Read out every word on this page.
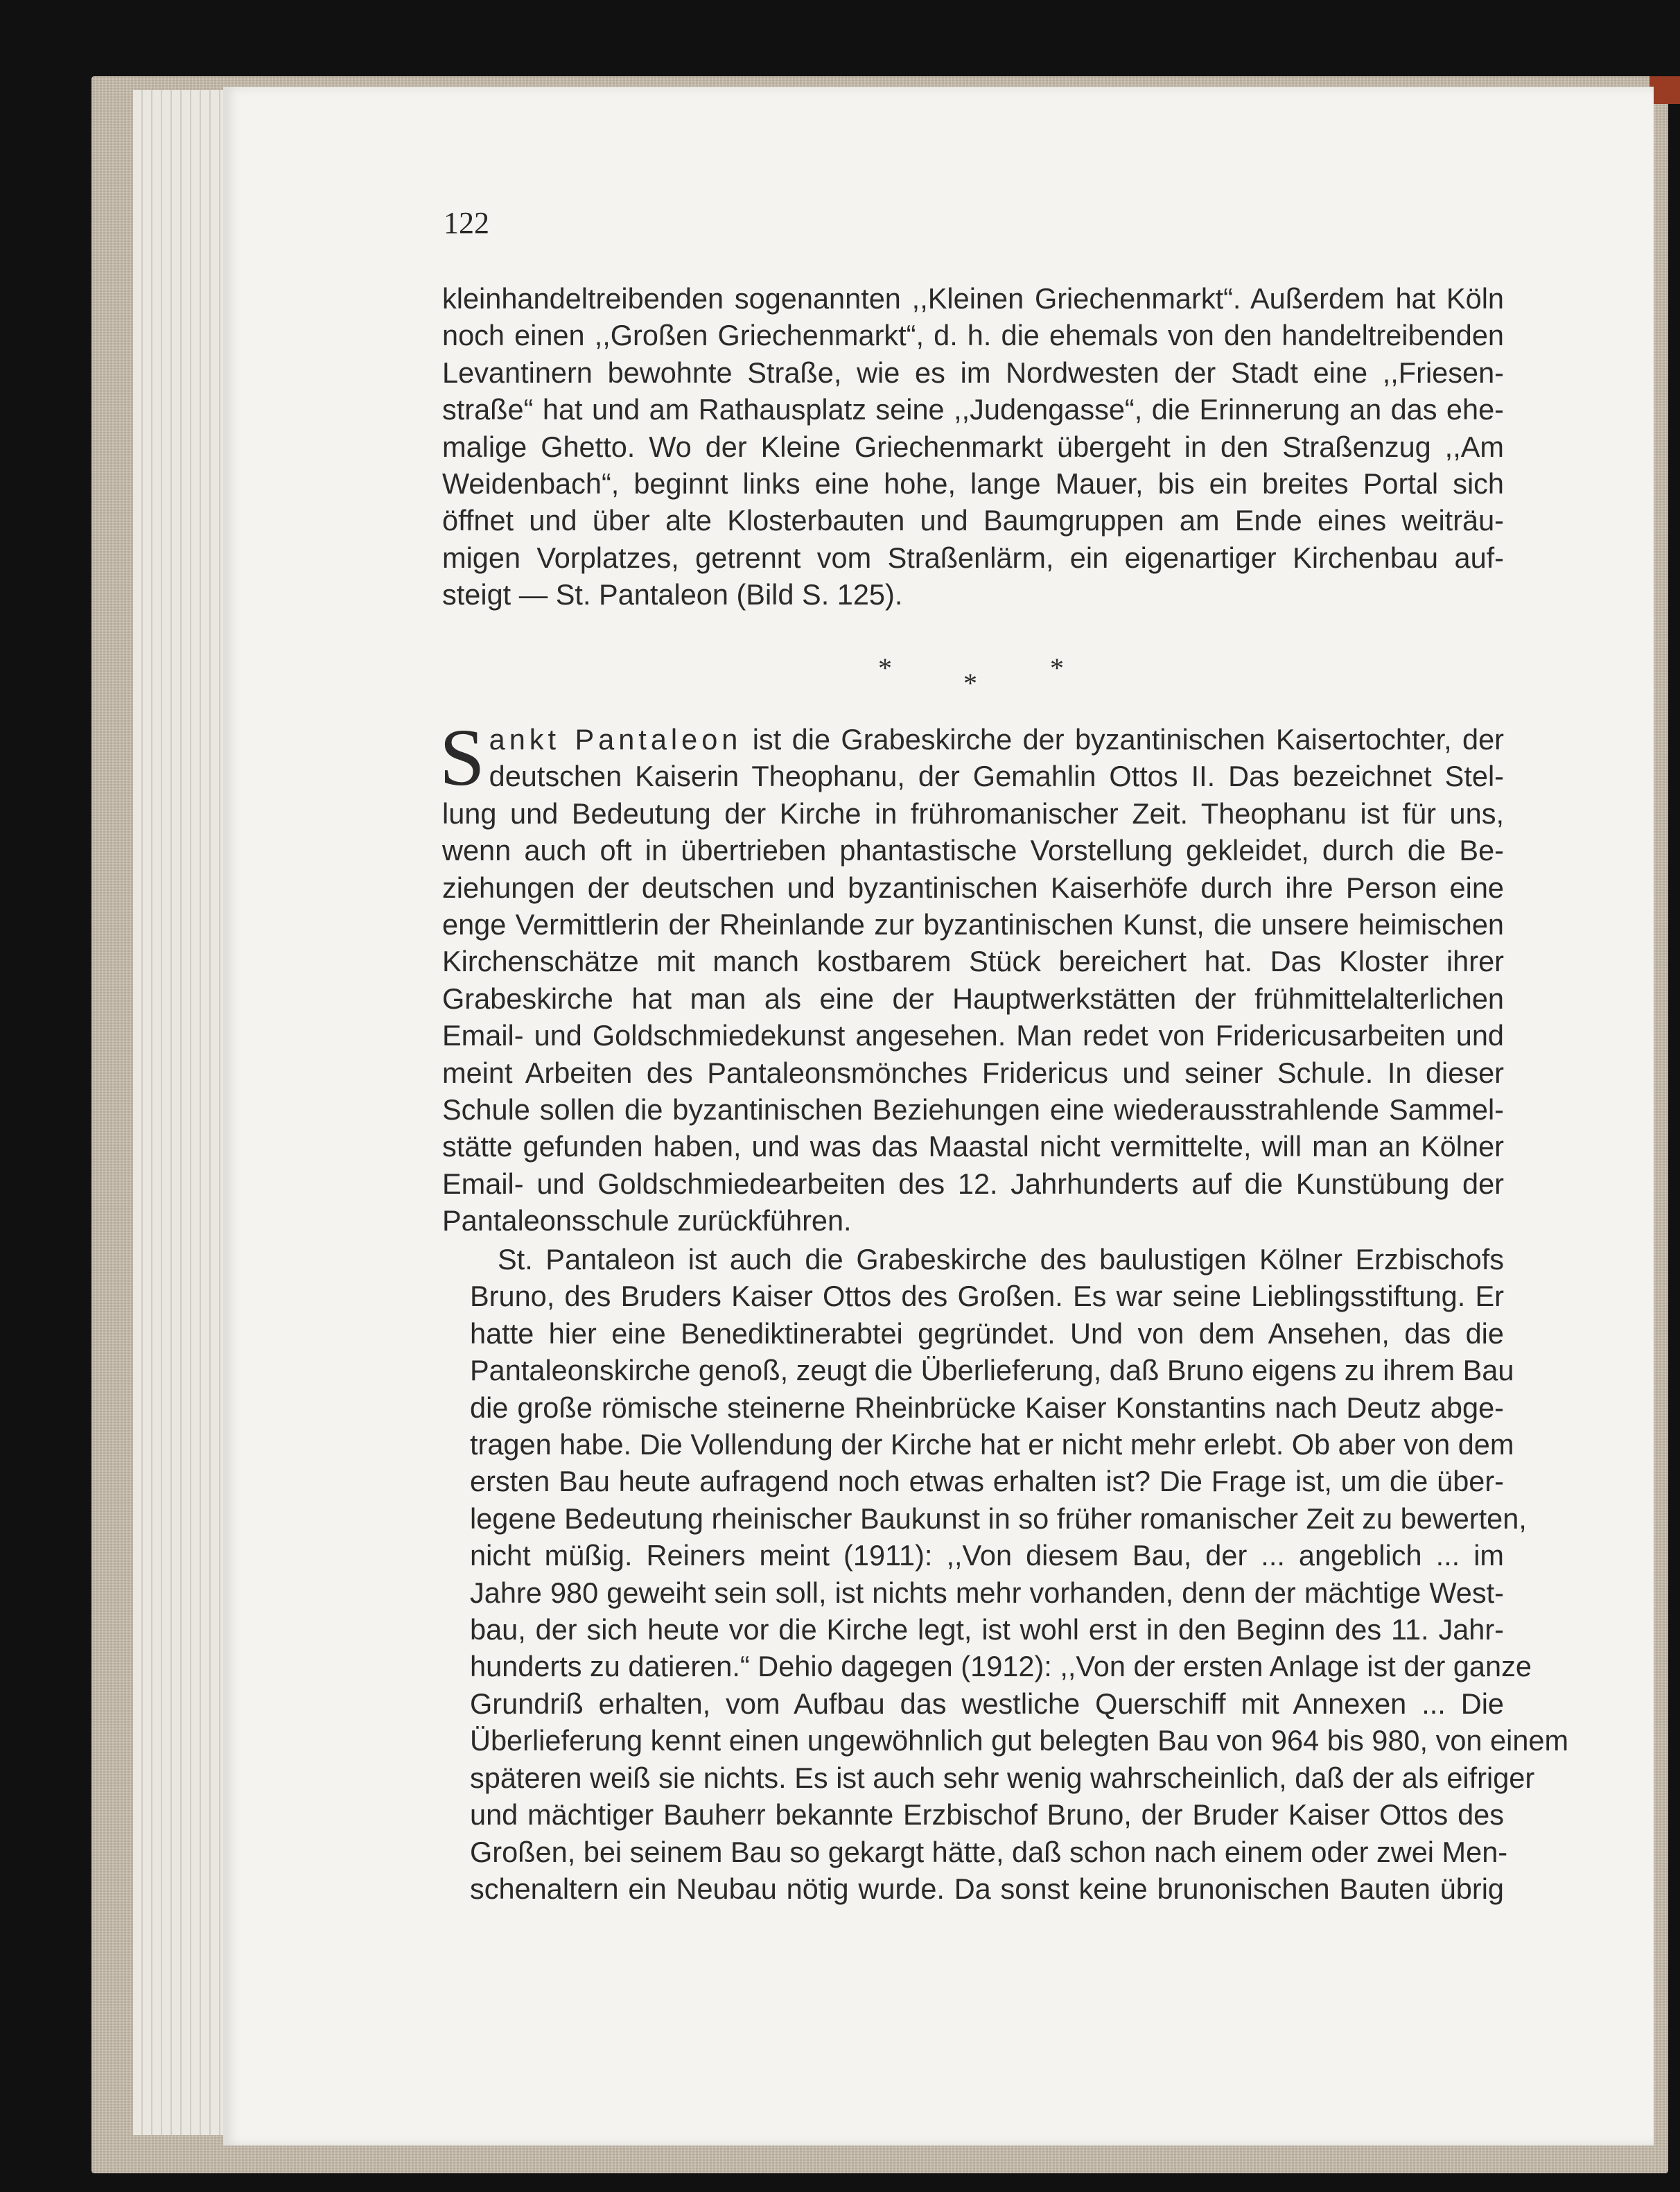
122
kleinhandeltreibenden sogenannten ,,Kleinen Griechenmarkt“. Außerdem hat Köln
noch einen ,,Großen Griechenmarkt“, d. h. die ehemals von den handeltreibenden
Levantinern bewohnte Straße, wie es im Nordwesten der Stadt eine ,,Friesen-
straße“ hat und am Rathausplatz seine ,,Judengasse“, die Erinnerung an das ehe-
malige Ghetto. Wo der Kleine Griechenmarkt übergeht in den Straßenzug ,,Am
Weidenbach“, beginnt links eine hohe, lange Mauer, bis ein breites Portal sich
öffnet und über alte Klosterbauten und Baumgruppen am Ende eines weiträu-
migen Vorplatzes, getrennt vom Straßenlärm, ein eigenartiger Kirchenbau auf-
steigt — St. Pantaleon (Bild S. 125).
*	*	*
S ankt Pantaleon ist die Grabeskirche der byzantinischen Kaisertochter, der
deutschen Kaiserin Theophanu, der Gemahlin Ottos II. Das bezeichnet Stel-
lung und Bedeutung der Kirche in frühromanischer Zeit. Theophanu ist für uns,
wenn auch oft in übertrieben phantastische Vorstellung gekleidet, durch die Be-
ziehungen der deutschen und byzantinischen Kaiserhöfe durch ihre Person eine
enge Vermittlerin der Rheinlande zur byzantinischen Kunst, die unsere heimischen
Kirchenschätze mit manch kostbarem Stück bereichert hat. Das Kloster ihrer
Grabeskirche hat man als eine der Hauptwerkstätten der frühmittelalterlichen
Email- und Goldschmiedekunst angesehen. Man redet von Fridericusarbeiten und
meint Arbeiten des Pantaleonsmönches Fridericus und seiner Schule. In dieser
Schule sollen die byzantinischen Beziehungen eine wiederausstrahlende Sammel-
stätte gefunden haben, und was das Maastal nicht vermittelte, will man an Kölner
Email- und Goldschmiedearbeiten des 12. Jahrhunderts auf die Kunstübung der
Pantaleonsschule zurückführen.
St. Pantaleon ist auch die Grabeskirche des baulustigen Kölner Erzbischofs
Bruno, des Bruders Kaiser Ottos des Großen. Es war seine Lieblingsstiftung. Er
hatte hier eine Benediktinerabtei gegründet. Und von dem Ansehen, das die
Pantaleonskirche genoß, zeugt die Überlieferung, daß Bruno eigens zu ihrem Bau
die große römische steinerne Rheinbrücke Kaiser Konstantins nach Deutz abge-
tragen habe. Die Vollendung der Kirche hat er nicht mehr erlebt. Ob aber von dem
ersten Bau heute aufragend noch etwas erhalten ist? Die Frage ist, um die über-
legene Bedeutung rheinischer Baukunst in so früher romanischer Zeit zu bewerten,
nicht müßig. Reiners meint (1911): ,,Von diesem Bau, der ... angeblich ... im
Jahre 980 geweiht sein soll, ist nichts mehr vorhanden, denn der mächtige West-
bau, der sich heute vor die Kirche legt, ist wohl erst in den Beginn des 11. Jahr-
hunderts zu datieren.“ Dehio dagegen (1912): ,,Von der ersten Anlage ist der ganze
Grundriß erhalten, vom Aufbau das westliche Querschiff mit Annexen ... Die
Überlieferung kennt einen ungewöhnlich gut belegten Bau von 964 bis 980, von einem
späteren weiß sie nichts. Es ist auch sehr wenig wahrscheinlich, daß der als eifriger
und mächtiger Bauherr bekannte Erzbischof Bruno, der Bruder Kaiser Ottos des
Großen, bei seinem Bau so gekargt hätte, daß schon nach einem oder zwei Men-
schenaltern ein Neubau nötig wurde. Da sonst keine brunonischen Bauten übrig
